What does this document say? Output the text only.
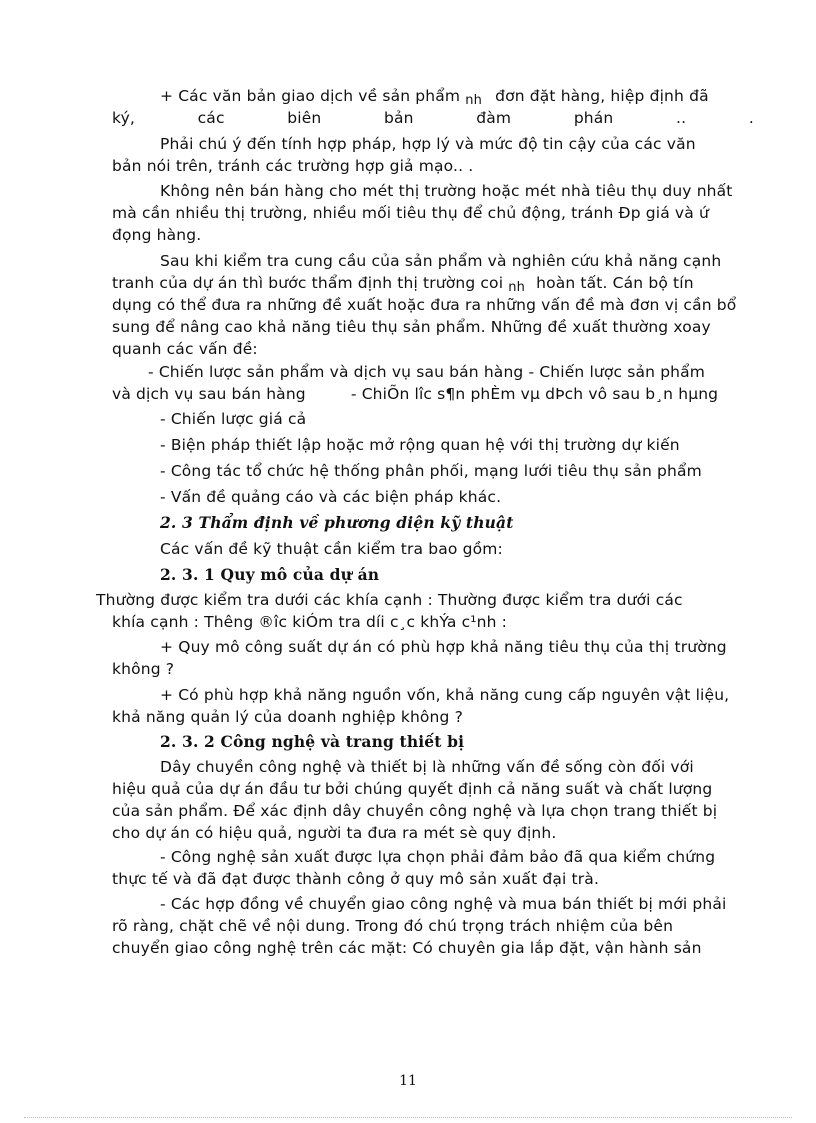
+ Các văn bản giao dịch về sản phẩm nh đơn đặt hàng, hiệp định đã
ký,	các	biên	bản	đàm	phán	..	.
Phải chú ý đến tính hợp pháp, hợp lý và mức độ tin cậy của các văn
bản nói trên, tránh các trường hợp giả mạo.. .
Không nên bán hàng cho mét thị trường hoặc mét nhà tiêu thụ duy nhất
mà cần nhiều thị trường, nhiều mối tiêu thụ để chủ động, tránh Đp giá và ứ
đọng hàng.
Sau khi kiểm tra cung cầu của sản phẩm và nghiên cứu khả năng cạnh
tranh của dự án thì bước thẩm định thị trường coi nh hoàn tất. Cán bộ tín
dụng có thể đưa ra những đề xuất hoặc đưa ra những vấn đề mà đơn vị cần bổ
sung để nâng cao khả năng tiêu thụ sản phẩm. Những đề xuất thường xoay
quanh các vấn đề:
- Chiến lược sản phẩm và dịch vụ sau bán hàng - Chiến lược sản phẩm
và dịch vụ sau bán hàng	- ChiÕn lîc s¶n phÈm vµ dÞch vô sau b¸n hµng
- Chiến lược giá cả
- Biện pháp thiết lập hoặc mở rộng quan hệ với thị trường dự kiến
- Công tác tổ chức hệ thống phân phối, mạng lưới tiêu thụ sản phẩm
- Vấn đề quảng cáo và các biện pháp khác.
2. 3 Thẩm định về phương diện kỹ thuật
Các vấn đề kỹ thuật cần kiểm tra bao gồm:
2. 3. 1 Quy mô của dự án
Thường được kiểm tra dưới các khía cạnh : Thường được kiểm tra dưới các
khía cạnh : Thêng ®îc kiÓm tra díi c¸c khÝa c¹nh :
+ Quy mô công suất dự án có phù hợp khả năng tiêu thụ của thị trường
không ?
+ Có phù hợp khả năng nguồn vốn, khả năng cung cấp nguyên vật liệu,
khả năng quản lý của doanh nghiệp không ?
2. 3. 2 Công nghệ và trang thiết bị
Dây chuyền công nghệ và thiết bị là những vấn đề sống còn đối với
hiệu quả của dự án đầu tư bởi chúng quyết định cả năng suất và chất lượng
của sản phẩm. Để xác định dây chuyền công nghệ và lựa chọn trang thiết bị
cho dự án có hiệu quả, người ta đưa ra mét sè quy định.
- Công nghệ sản xuất được lựa chọn phải đảm bảo đã qua kiểm chứng
thực tế và đã đạt được thành công ở quy mô sản xuất đại trà.
- Các hợp đồng về chuyển giao công nghệ và mua bán thiết bị mới phải
rõ ràng, chặt chẽ về nội dung. Trong đó chú trọng trách nhiệm của bên
chuyển giao công nghệ trên các mặt: Có chuyên gia lắp đặt, vận hành sản
11
